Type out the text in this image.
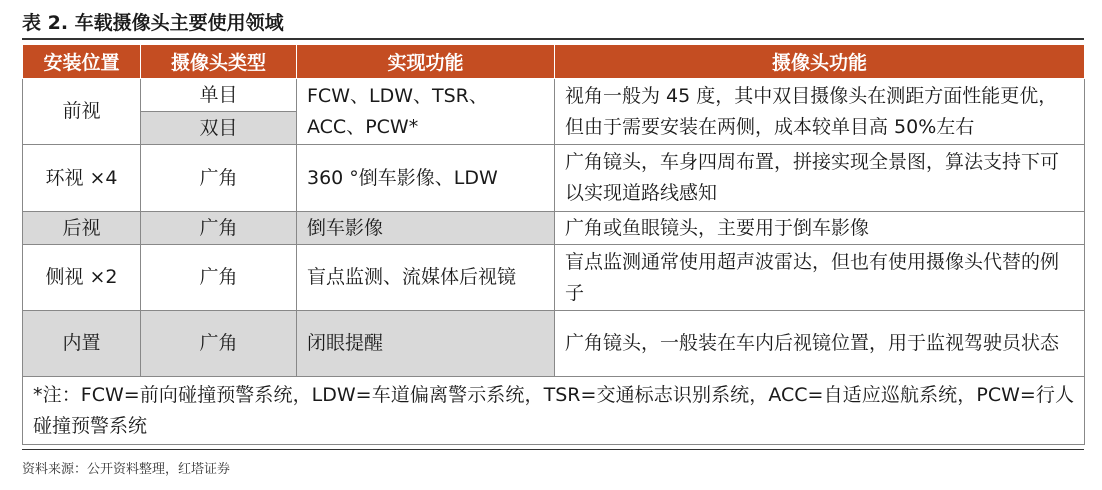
表 2. 车载摄像头主要使用领域
安装位置	摄像头类型	实现功能	摄像头功能
前视	单目	FCW、LDW、TSR、ACC、PCW*	视角一般为 45 度，其中双目摄像头在测距方面性能更优，但由于需要安装在两侧，成本较单目高 50%左右
	双目		
环视 ×4	广角	360 °倒车影像、LDW	广角镜头，车身四周布置，拼接实现全景图，算法支持下可以实现道路线感知
后视	广角	倒车影像	广角或鱼眼镜头，主要用于倒车影像
侧视 ×2	广角	盲点监测、流媒体后视镜	盲点监测通常使用超声波雷达，但也有使用摄像头代替的例子
内置	广角	闭眼提醒	广角镜头，一般装在车内后视镜位置，用于监视驾驶员状态
*注：FCW=前向碰撞预警系统，LDW=车道偏离警示系统，TSR=交通标志识别系统，ACC=自适应巡航系统，PCW=行人碰撞预警系统			
资料来源：公开资料整理，红塔证券
